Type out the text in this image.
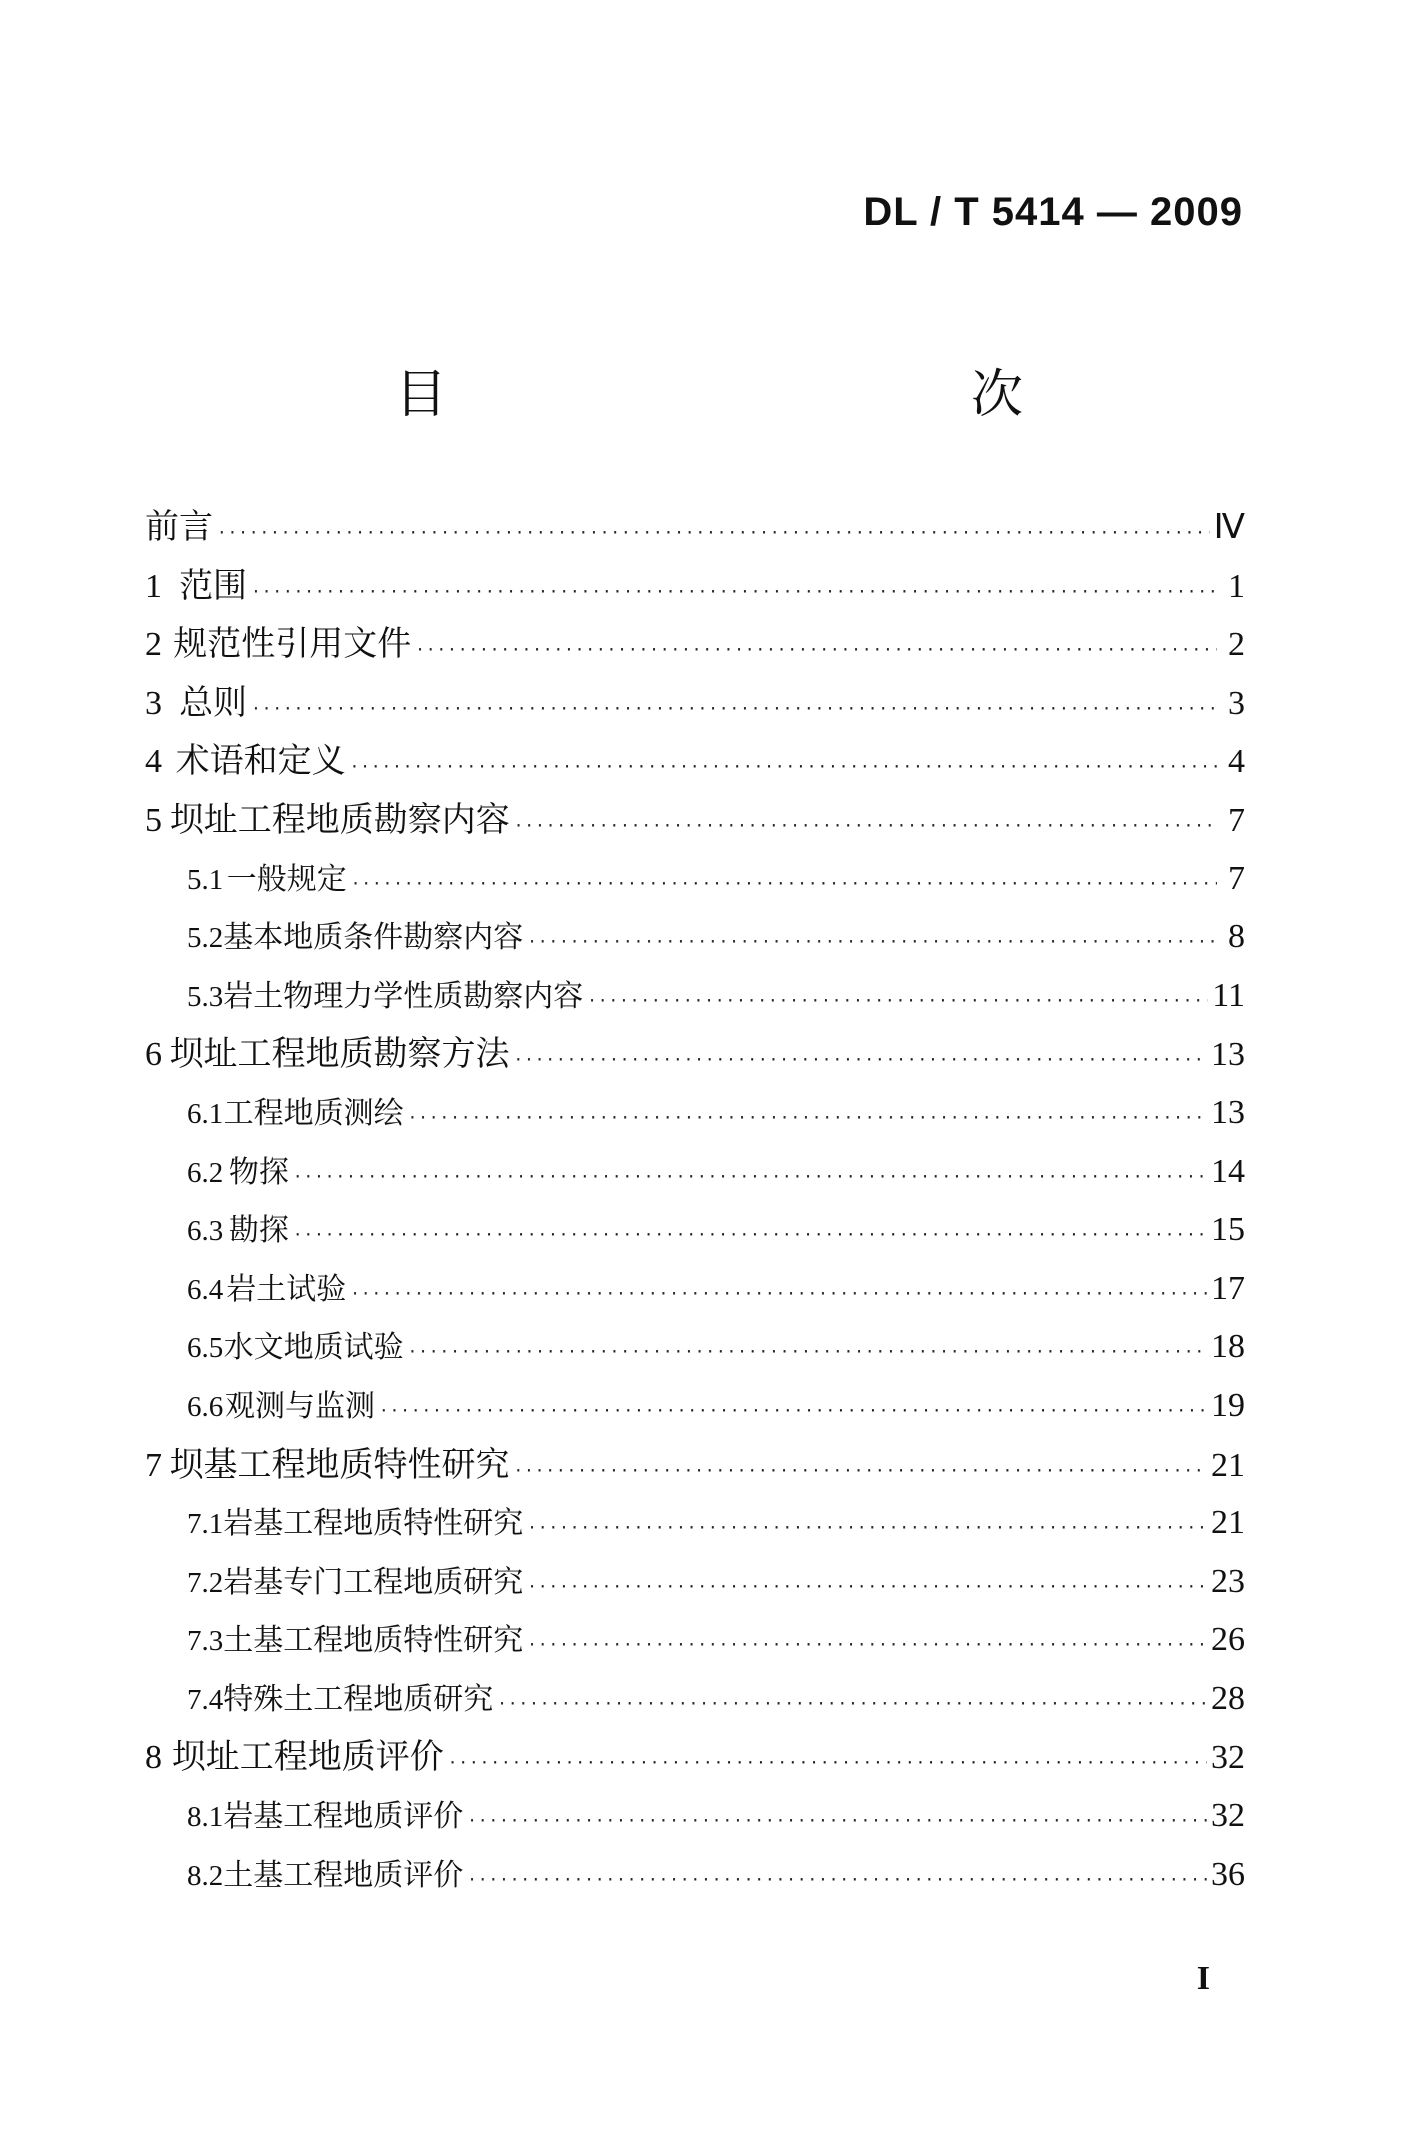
DL / T 5414 — 2009
目　　次
前言 ·····	Ⅳ
1 范围 ·····	1
2 规范性引用文件 ·····	2
3 总则 ·····	3
4 术语和定义 ·····	4
5 坝址工程地质勘察内容 ·····	7
5.1 一般规定 ·····	7
5.2 基本地质条件勘察内容 ·····	8
5.3 岩土物理力学性质勘察内容 ·····	11
6 坝址工程地质勘察方法 ·····	13
6.1 工程地质测绘 ·····	13
6.2 物探 ·····	14
6.3 勘探 ·····	15
6.4 岩土试验 ·····	17
6.5 水文地质试验 ·····	18
6.6 观测与监测 ·····	19
7 坝基工程地质特性研究 ·····	21
7.1 岩基工程地质特性研究 ·····	21
7.2 岩基专门工程地质研究 ·····	23
7.3 土基工程地质特性研究 ·····	26
7.4 特殊土工程地质研究 ·····	28
8 坝址工程地质评价 ·····	32
8.1 岩基工程地质评价 ·····	32
8.2 土基工程地质评价 ·····	36
I
